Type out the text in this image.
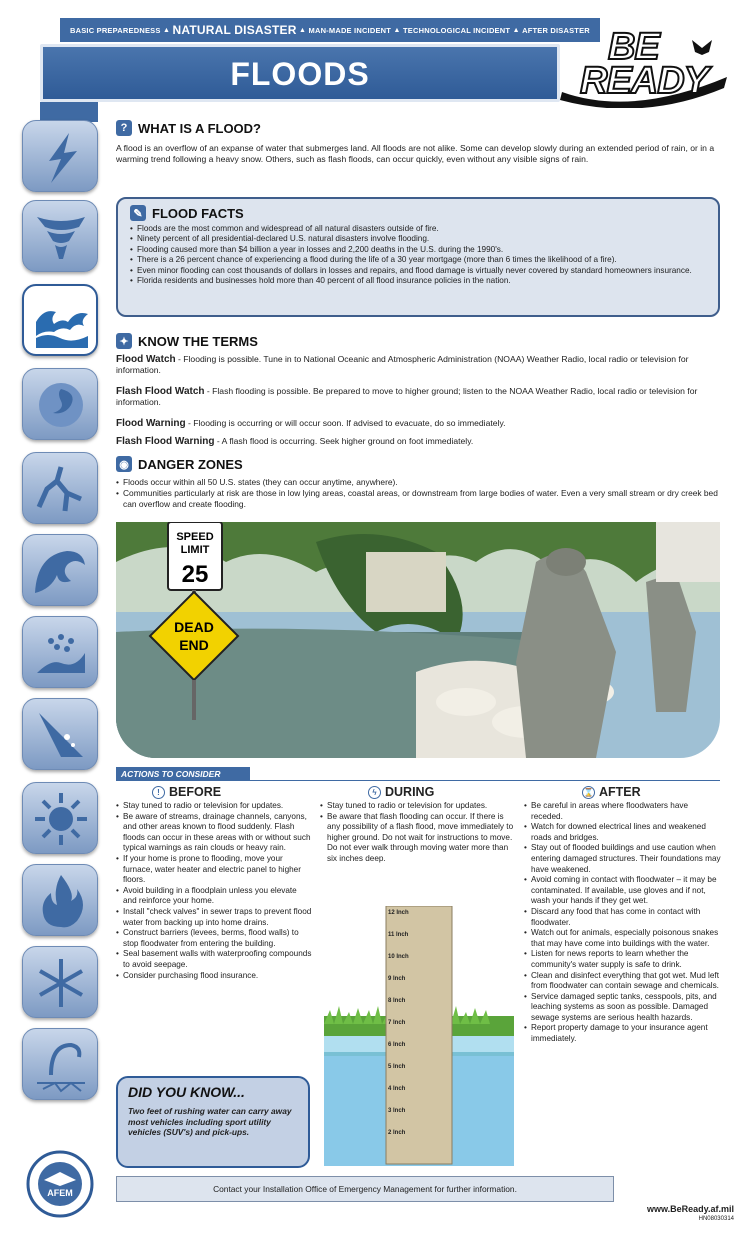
BASIC PREPAREDNESS ▲ NATURAL DISASTER ▲ MAN-MADE INCIDENT ▲ TECHNOLOGICAL INCIDENT ▲ AFTER DISASTER
FLOODS
BE
READY
? WHAT IS A FLOOD?
A flood is an overflow of an expanse of water that submerges land. All floods are not alike. Some can develop slowly during an extended period of rain, or in a warming trend following a heavy snow. Others, such as flash floods, can occur quickly, even without any visible signs of rain.
✎ FLOOD FACTS
• Floods are the most common and widespread of all natural disasters outside of fire.
• Ninety percent of all presidential-declared U.S. natural disasters involve flooding.
• Flooding caused more than $4 billion a year in losses and 2,200 deaths in the U.S. during the 1990's.
• There is a 26 percent chance of experiencing a flood during the life of a 30 year mortgage (more than 6 times the likelihood of a fire).
• Even minor flooding can cost thousands of dollars in losses and repairs, and flood damage is virtually never covered by standard homeowners insurance.
• Florida residents and businesses hold more than 40 percent of all flood insurance policies in the nation.
✦ KNOW THE TERMS
Flood Watch - Flooding is possible. Tune in to National Oceanic and Atmospheric Administration (NOAA) Weather Radio, local radio or television for information.
Flash Flood Watch - Flash flooding is possible. Be prepared to move to higher ground; listen to the NOAA Weather Radio, local radio or television for information.
Flood Warning - Flooding is occurring or will occur soon. If advised to evacuate, do so immediately.
Flash Flood Warning - A flash flood is occurring. Seek higher ground on foot immediately.
◉ DANGER ZONES
• Floods occur within all 50 U.S. states (they can occur anytime, anywhere).
• Communities particularly at risk are those in low lying areas, coastal areas, or downstream from large bodies of water. Even a very small stream or dry creek bed can overflow and create flooding.
SPEED
LIMIT
25
DEAD
END
ACTIONS TO CONSIDER
! BEFORE
• Stay tuned to radio or television for updates.
• Be aware of streams, drainage channels, canyons, and other areas known to flood suddenly. Flash floods can occur in these areas with or without such typical warnings as rain clouds or heavy rain.
• If your home is prone to flooding, move your furnace, water heater and electric panel to higher floors.
• Avoid building in a floodplain unless you elevate and reinforce your home.
• Install "check valves" in sewer traps to prevent flood water from backing up into home drains.
• Construct barriers (levees, berms, flood walls) to stop floodwater from entering the building.
• Seal basement walls with waterproofing compounds to avoid seepage.
• Consider purchasing flood insurance.
ϟ DURING
• Stay tuned to radio or television for updates.
• Be aware that flash flooding can occur. If there is any possibility of a flash flood, move immediately to higher ground. Do not wait for instructions to move. Do not ever walk through moving water more than six inches deep.
12 Inch
11 Inch
10 Inch
9 Inch
8 Inch
7 Inch
6 Inch
5 Inch
4 Inch
3 Inch
2 Inch
⌛ AFTER
• Be careful in areas where floodwaters have receded.
• Watch for downed electrical lines and weakened roads and bridges.
• Stay out of flooded buildings and use caution when entering damaged structures. Their foundations may have weakened.
• Avoid coming in contact with floodwater – it may be contaminated. If available, use gloves and if not, wash your hands if they get wet.
• Discard any food that has come in contact with floodwater.
• Watch out for animals, especially poisonous snakes that may have come into buildings with the water.
• Listen for news reports to learn whether the community's water supply is safe to drink.
• Clean and disinfect everything that got wet. Mud left from floodwater can contain sewage and chemicals.
• Service damaged septic tanks, cesspools, pits, and leaching systems as soon as possible. Damaged sewage systems are serious health hazards.
• Report property damage to your insurance agent immediately.
DID YOU KNOW...
Two feet of rushing water can carry away most vehicles including sport utility vehicles (SUV's) and pick-ups.
AFEM	Contact your Installation Office of Emergency Management for further information.
www.BeReady.af.mil
HN08030314
